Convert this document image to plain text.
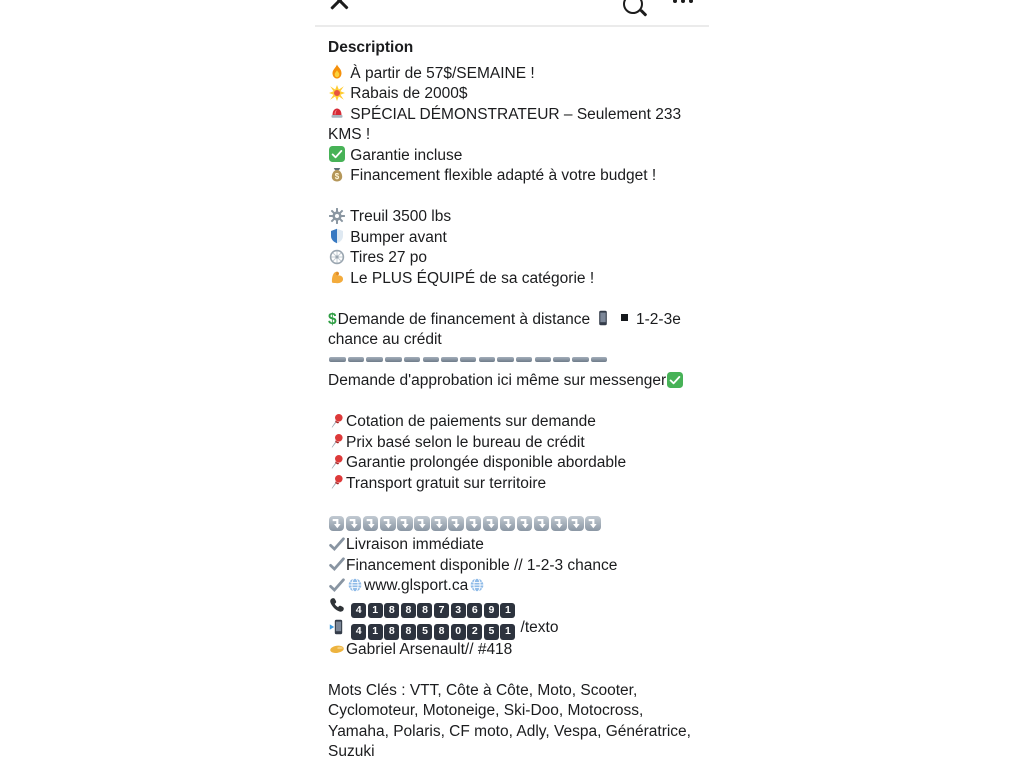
Description
À partir de 57$/SEMAINE !
Rabais de 2000$
SPÉCIAL DÉMONSTRATEUR – Seulement 233
KMS !
Garantie incluse
$ Financement flexible adapté à votre budget !
Treuil 3500 lbs
Bumper avant
Tires 27 po
Le PLUS ÉQUIPÉ de sa catégorie !
$Demande de financement à distance
1-2-3e
chance au crédit
Demande d'approbation ici même sur messenger
Cotation de paiements sur demande
Prix basé selon le bureau de crédit
Garantie prolongée disponible abordable
Transport gratuit sur territoire
Livraison immédiate
Financement disponible // 1-2-3 chance
www.glsport.ca
4 1 8 8 8 7 3 6 9 1
4 1 8 8 5 8 0 2 5 1 /texto
Gabriel Arsenault// #418
Mots Clés : VTT, Côte à Côte, Moto, Scooter,
Cyclomoteur, Motoneige, Ski-Doo, Motocross,
Yamaha, Polaris, CF moto, Adly, Vespa, Génératrice,
Suzuki
